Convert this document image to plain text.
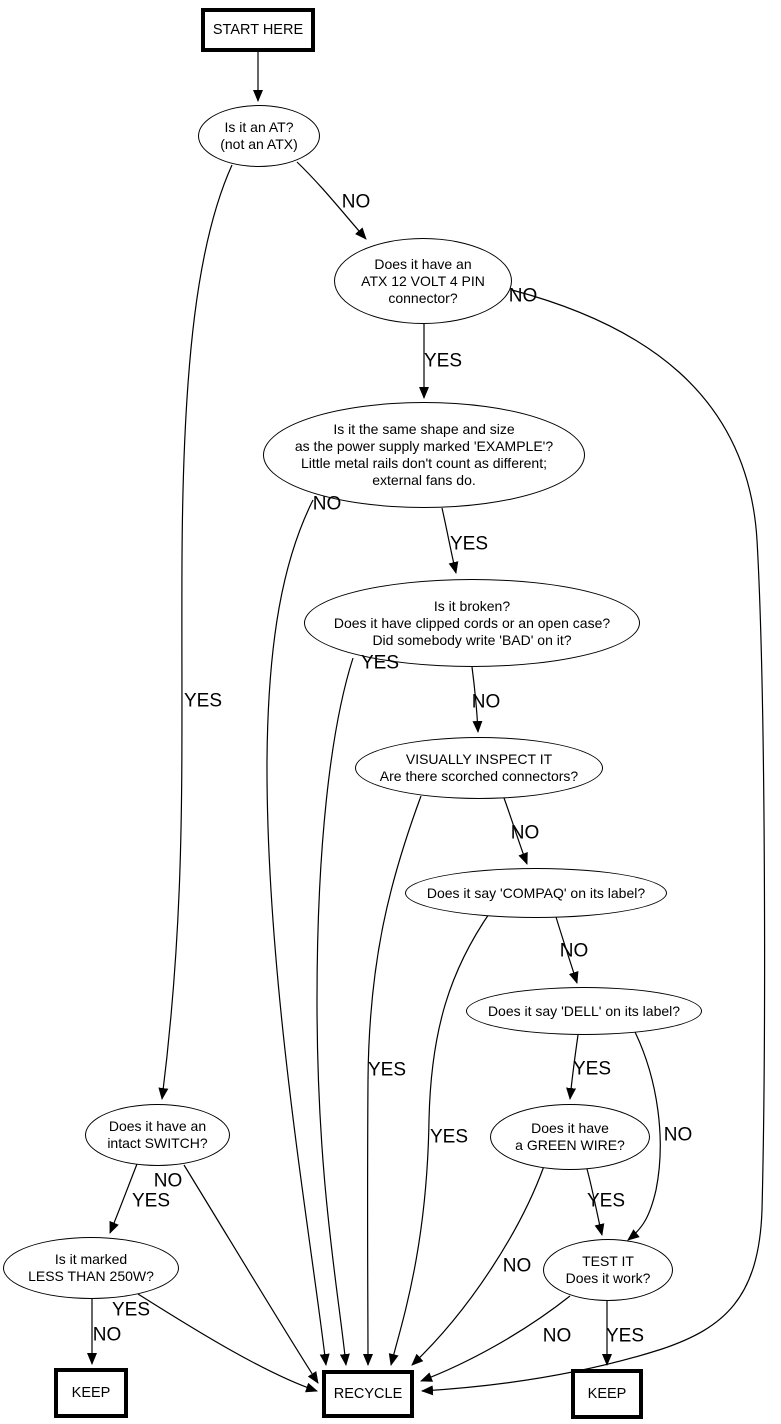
START HERE
Is it an AT?
(not an ATX)
Does it have an
ATX 12 VOLT 4 PIN
connector?
Is it the same shape and size
as the power supply marked 'EXAMPLE'?
Little metal rails don't count as different;
external fans do.
Is it broken?
Does it have clipped cords or an open case?
Did somebody write 'BAD' on it?
VISUALLY INSPECT IT
Are there scorched connectors?
Does it say 'COMPAQ' on its label?
Does it say 'DELL' on its label?
Does it have
a GREEN WIRE?
TEST IT
Does it work?
Does it have an
intact SWITCH?
Is it marked
LESS THAN 250W?
KEEP	RECYCLE	KEEP
NO
YES
YES
NO
YES
NO
NO
YES
NO
YES
NO
YES
YES
NO
YES
NO
YES
NO
YES
NO
NO
YES
